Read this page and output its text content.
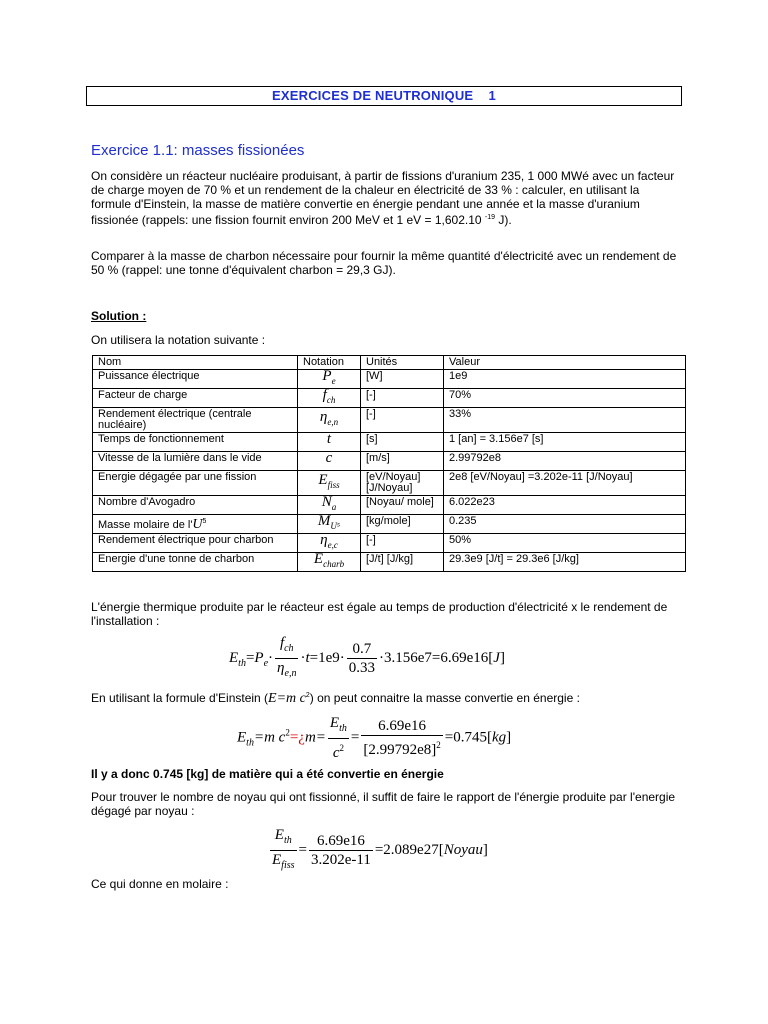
EXERCICES DE NEUTRONIQUE    1
Exercice 1.1: masses fissionées

On considère un réacteur nucléaire produisant, à partir de fissions d'uranium 235, 1 000 MWé avec un facteur de charge moyen de 70 % et un rendement de la chaleur en électricité de 33 % : calculer, en utilisant la formule d'Einstein, la masse de matière convertie en énergie pendant une année et la masse d'uranium fissionée (rappels: une fission fournit environ 200 MeV et 1 eV = 1,602.10 $^{-19}$ J).

Comparer à la masse de charbon nécessaire pour fournir la même quantité d'électricité avec un rendement de 50 % (rappel: une tonne d'équivalent charbon = 29,3 GJ).

Solution :

On utilisera la notation suivante :

Nom	Notation	Unités	Valeur
Puissance électrique	$P_e$	[W]	1e9
Facteur de charge	$f_{ch}$	[-]	70%
Rendement électrique (centrale nucléaire)	$\eta_{e,n}$	[-]	33%
Temps de fonctionnement	t	[s]	1 [an] = 3.156e7 [s]
Vitesse de la lumière dans le vide	c	[m/s]	2.99792e8
Energie dégagée par une fission	$E_{fiss}$	[eV/Noyau] [J/Noyau]	2e8 [eV/Noyau] =3.202e-11 [J/Noyau]
Nombre d'Avogadro	$N_a$	[Noyau/ mole]	6.022e23
Masse molaire de $l'U^5$	$M_{U^5}$	[kg/mole]	0.235
Rendement électrique pour charbon	$\eta_{e,c}$	[-]	50%
Energie d'une tonne de charbon	$E_{charb}$	[J/t] [J/kg]	29.3e9 [J/t] = 29.3e6 [J/kg]

L'énergie thermique produite par le réacteur est égale au temps de production d'électricité x le rendement de l'installation :

$E_{th}=P_e\cdot \frac{f_{ch}}{\eta_{e,n}} \cdot t=1e9\cdot \frac{0.7}{0.33} \cdot 3.156e7=6.69e16[J]$

En utilisant la formule d'Einstein (E=m $c^2$) on peut connaitre la masse convertie en énergie :

$E_{th}=m$ $c^2=¿m= \frac{E_{th}}{c^2} = \frac{6.69e16}{[2.99792e8]^2} =0.745[kg]$
Il y a donc 0.745 [kg] de matière qui a été convertie en énergie

Pour trouver le nombre de noyau qui ont fissionné, il suffit de faire le rapport de l'énergie produite par l'energie dégagé par noyau :

$\frac{E_{th}}{E_{fiss}} = \frac{6.69e16}{3.202e-11}$ =2.089e27[Noyau]

Ce qui donne en molaire :
